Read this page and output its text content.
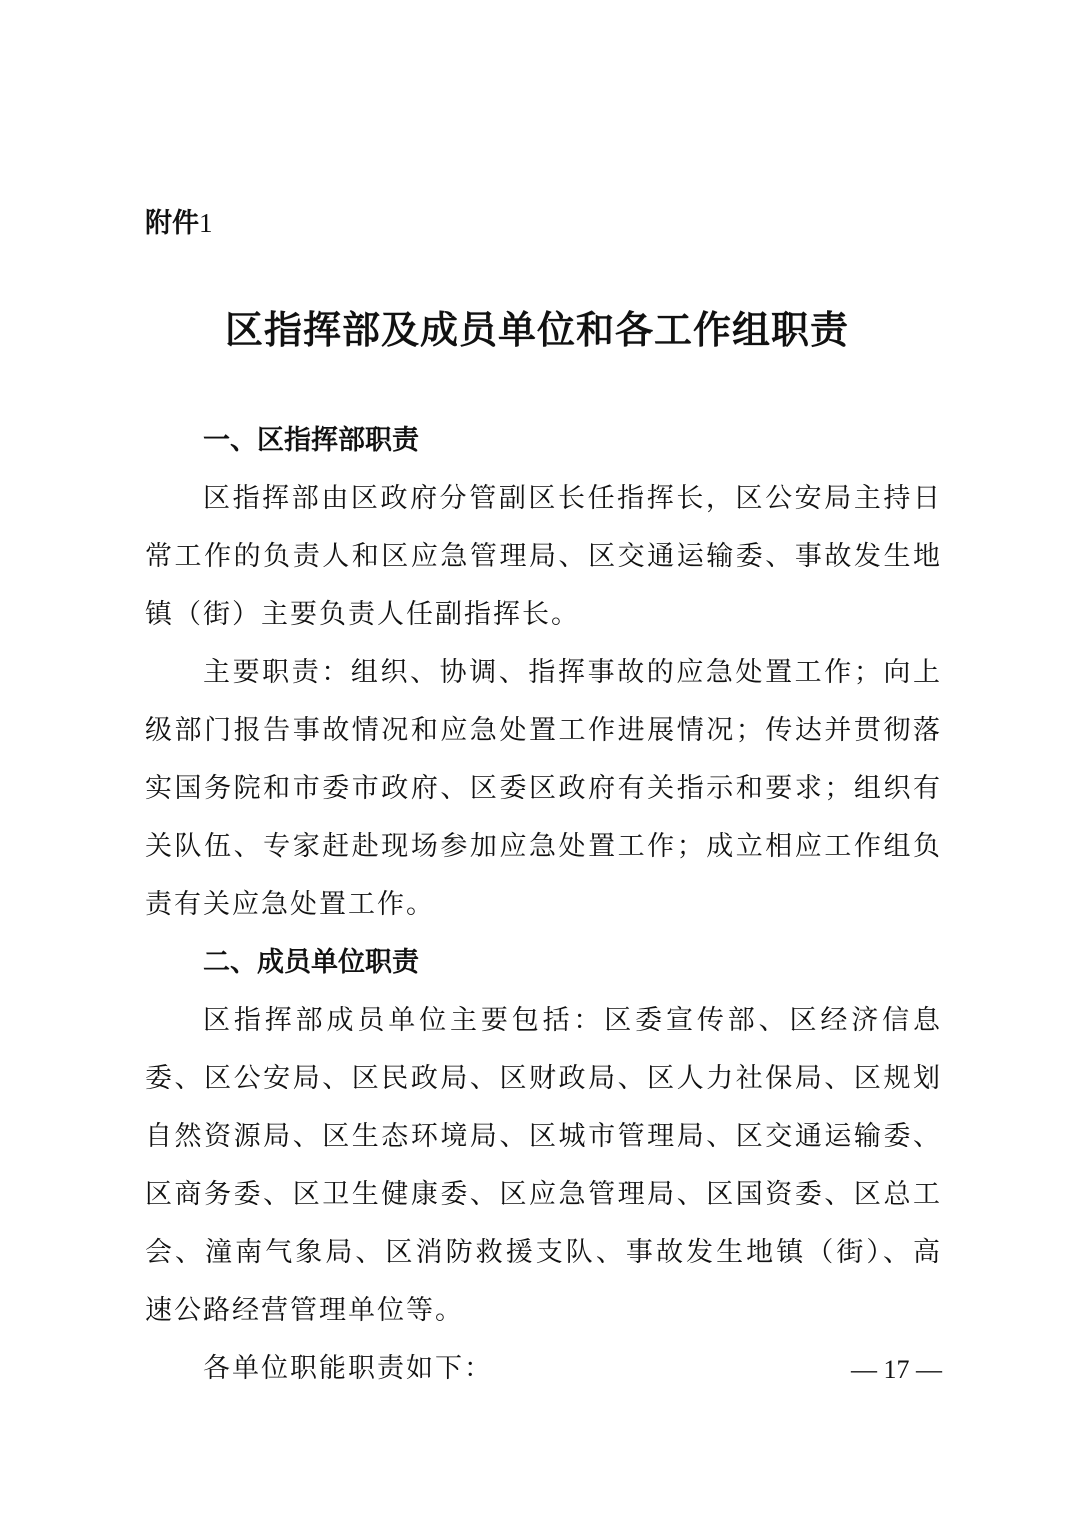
附件1
区指挥部及成员单位和各工作组职责

一、区指挥部职责

区指挥部由区政府分管副区长任指挥长，区公安局主持日常工作的负责人和区应急管理局、区交通运输委、事故发生地镇（街）主要负责人任副指挥长。

主要职责：组织、协调、指挥事故的应急处置工作；向上级部门报告事故情况和应急处置工作进展情况；传达并贯彻落实国务院和市委市政府、区委区政府有关指示和要求；组织有关队伍、专家赶赴现场参加应急处置工作；成立相应工作组负责有关应急处置工作。

二、成员单位职责

区指挥部成员单位主要包括：区委宣传部、区经济信息委、区公安局、区民政局、区财政局、区人力社保局、区规划自然资源局、区生态环境局、区城市管理局、区交通运输委、区商务委、区卫生健康委、区应急管理局、区国资委、区总工会、潼南气象局、区消防救援支队、事故发生地镇（街）、高速公路经营管理单位等。

各单位职能职责如下：	— 17 —
